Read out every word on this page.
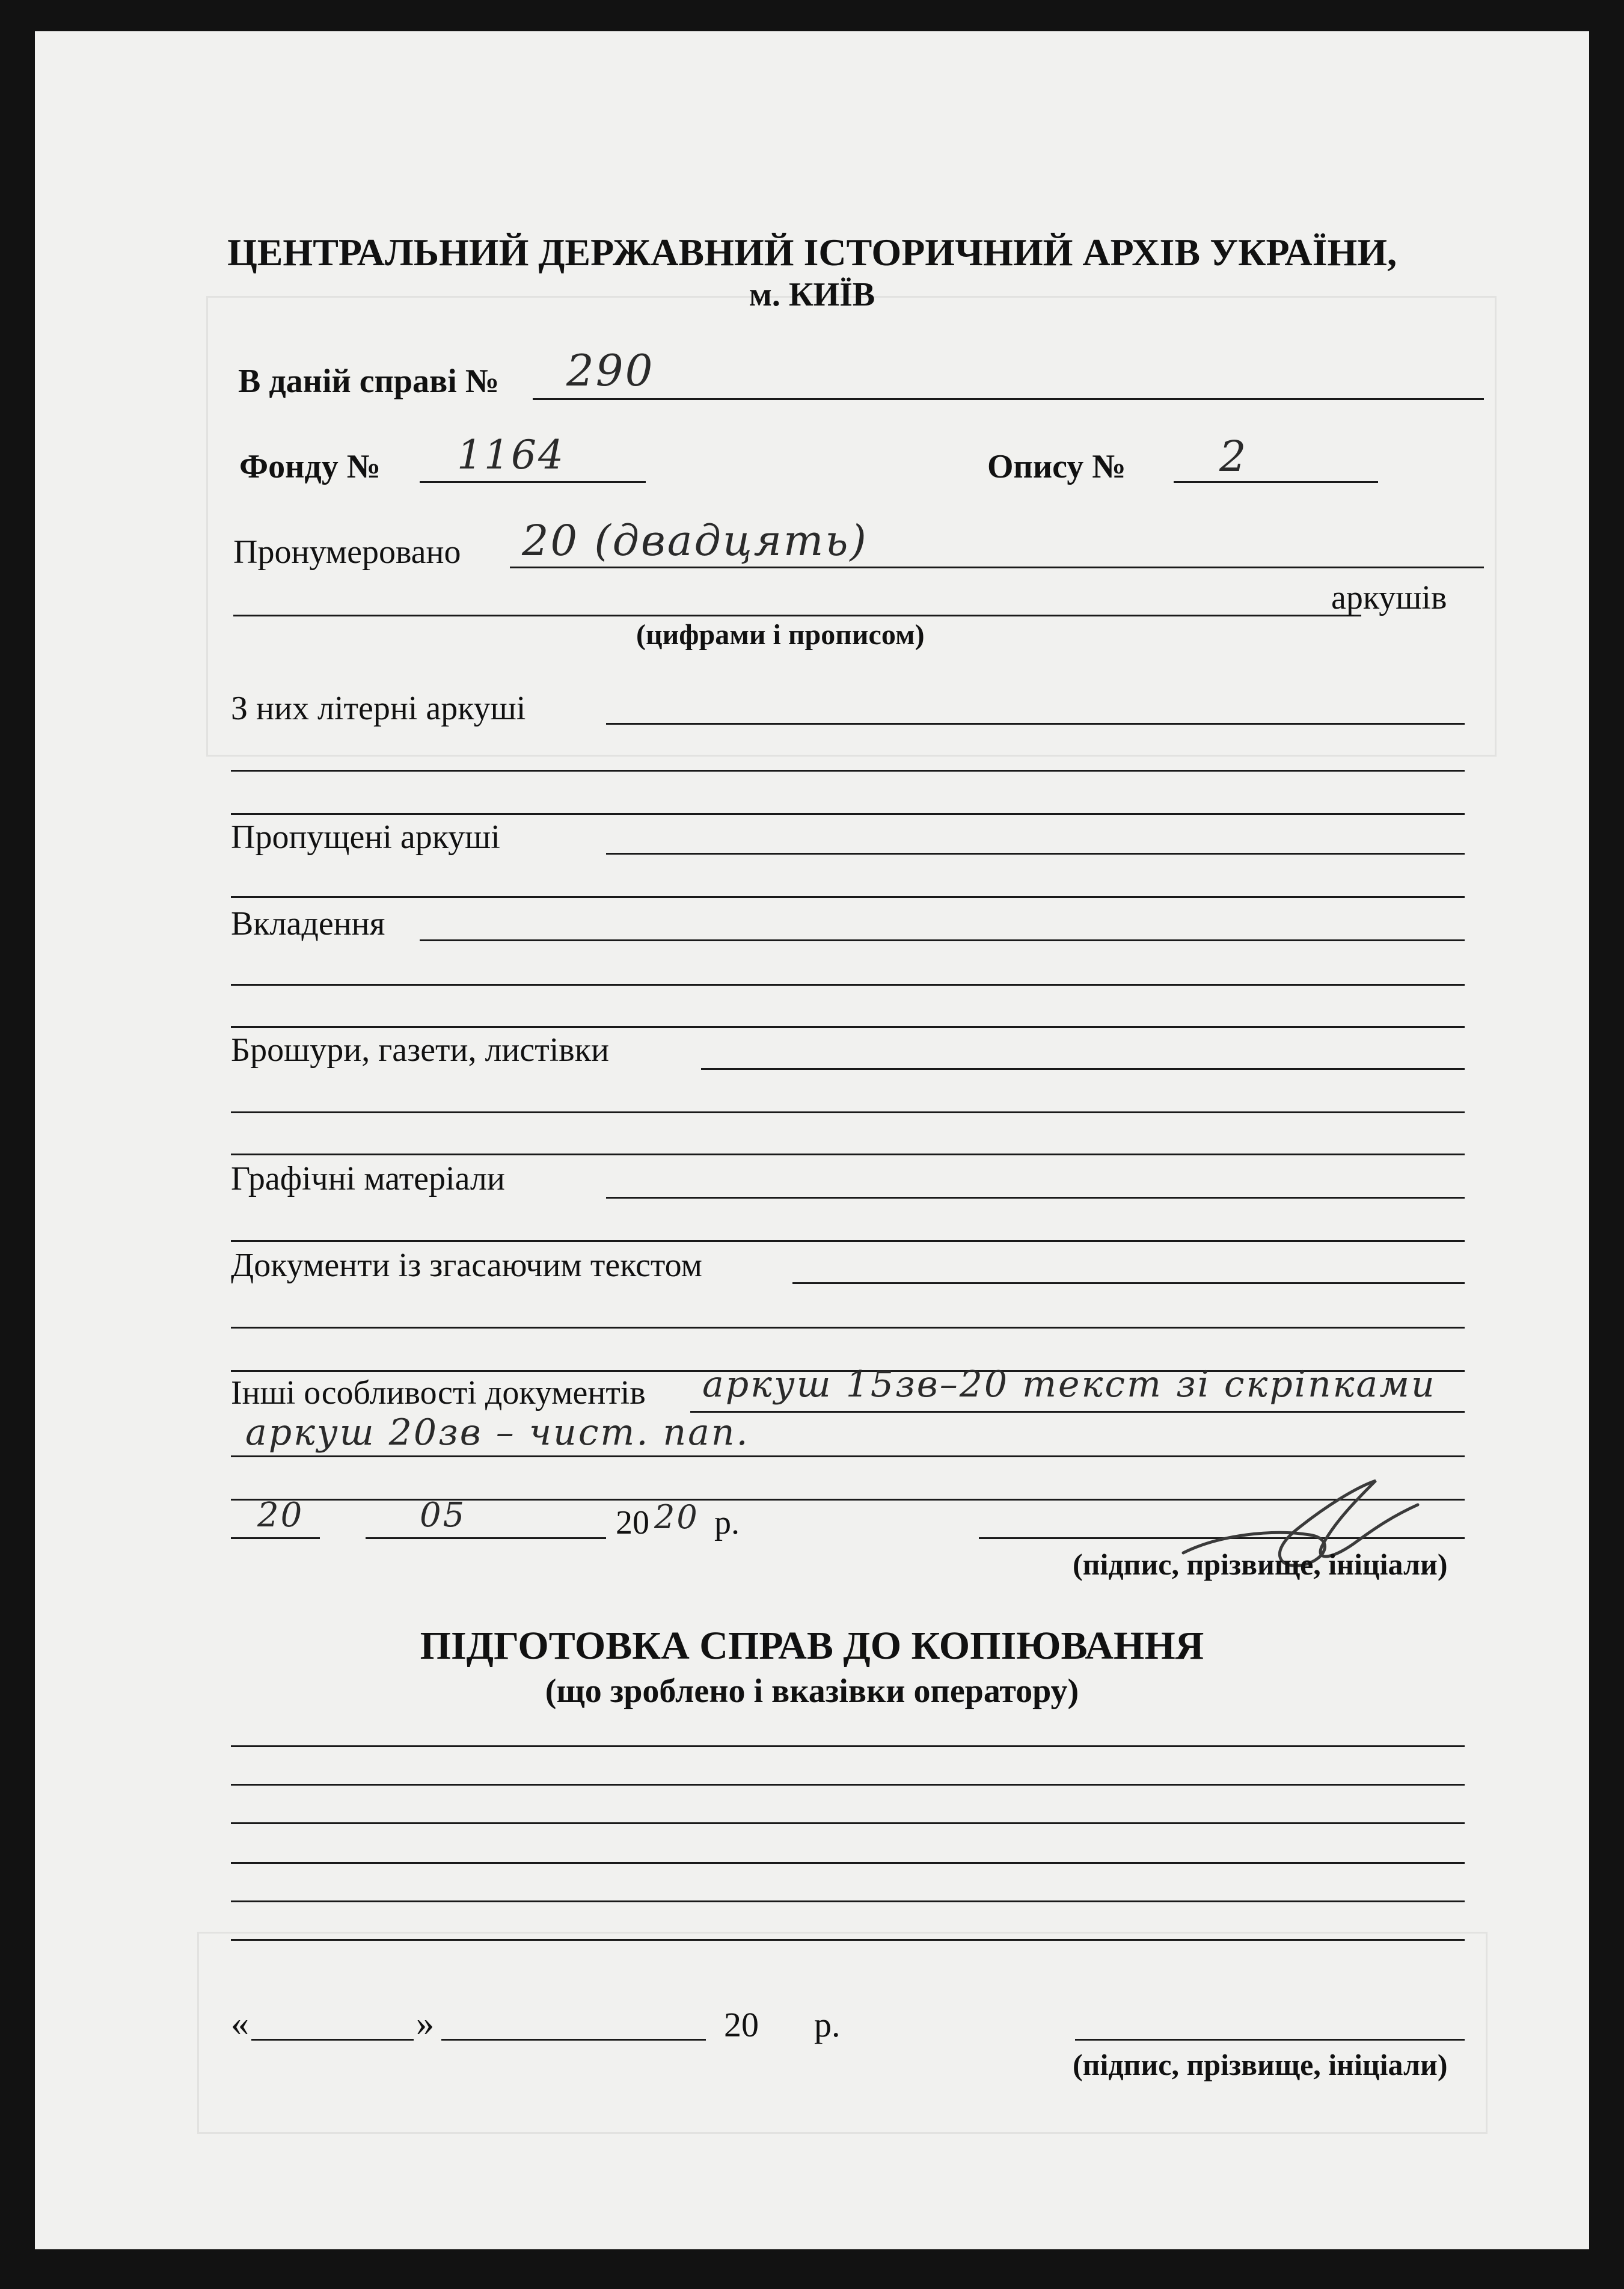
ЦЕНТРАЛЬНИЙ ДЕРЖАВНИЙ ІСТОРИЧНИЙ АРХІВ УКРАЇНИ,
м. КИЇВ
В даній справі № 290
Фонду № 1164	Опису № 2
Пронумеровано 20 (двадцять)
аркушів
(цифрами і прописом)
З них літерні аркуші
Пропущені аркуші
Вкладення
Брошури, газети, листівки
Графічні матеріали
Документи із згасаючим текстом
Інші особливості документів аркуш 15зв–20 текст зі скріпками
аркуш 20зв – чист. пап.
20	05	20 20 р.
(підпис, прізвище, ініціали)
ПІДГОТОВКА СПРАВ ДО КОПІЮВАННЯ
(що зроблено і вказівки оператору)
«	»	20 р.
(підпис, прізвище, ініціали)
